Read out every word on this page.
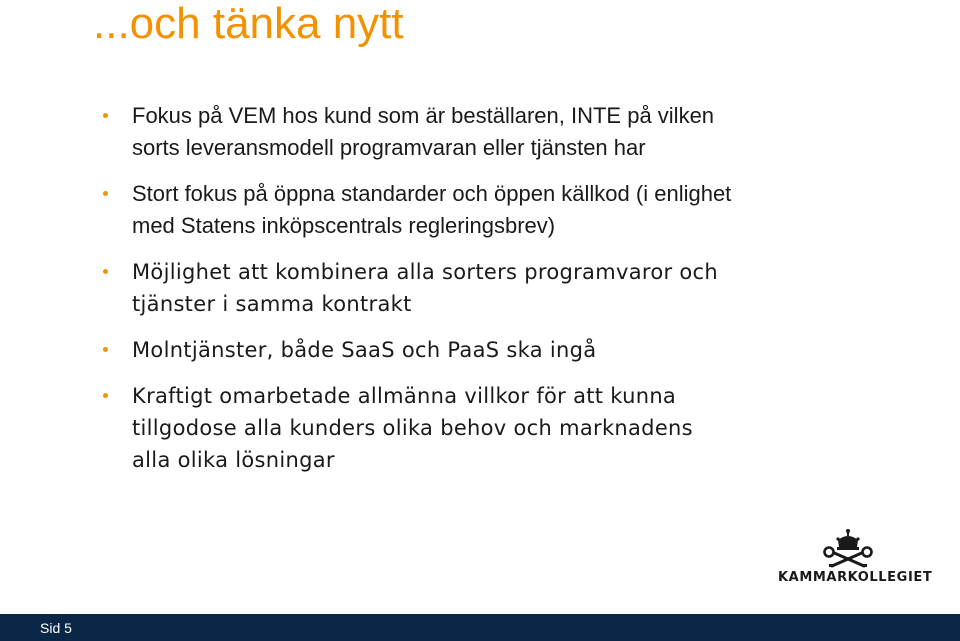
...och tänka nytt
Fokus på VEM hos kund som är beställaren, INTE på vilken sorts leveransmodell programvaran eller tjänsten har
Stort fokus på öppna standarder och öppen källkod (i enlighet med Statens inköpscentrals regleringsbrev)
Möjlighet att kombinera alla sorters programvaror och tjänster i samma kontrakt
Molntjänster, både SaaS och PaaS ska ingå
Kraftigt omarbetade allmänna villkor för att kunna tillgodose alla kunders olika behov och marknadens alla olika lösningar
KAMMARKOLLEGIET
Sid 5
